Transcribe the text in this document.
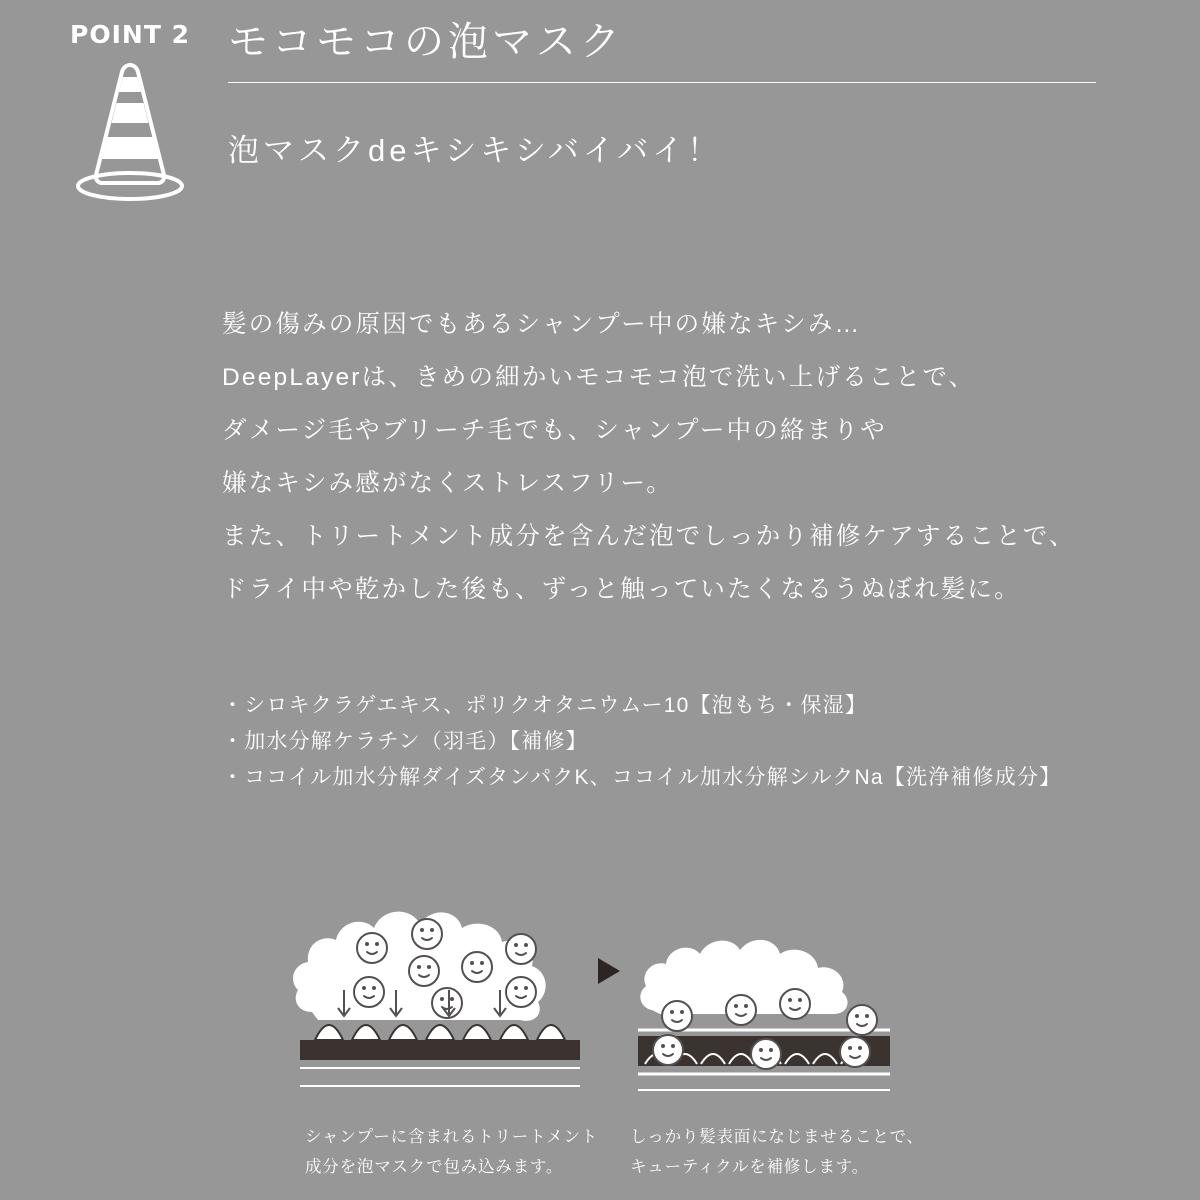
POINT 2 モコモコの泡マスク
泡マスクdeキシキシバイバイ！
髪の傷みの原因でもあるシャンプー中の嫌なキシみ…
DeepLayerは、きめの細かいモコモコ泡で洗い上げることで、
ダメージ毛やブリーチ毛でも、シャンプー中の絡まりや
嫌なキシみ感がなくストレスフリー。
また、トリートメント成分を含んだ泡でしっかり補修ケアすることで、
ドライ中や乾かした後も、ずっと触っていたくなるうぬぼれ髪に。
・シロキクラゲエキス、ポリクオタニウムー10【泡もち・保湿】
・加水分解ケラチン（羽毛）【補修】
・ココイル加水分解ダイズタンパクK、ココイル加水分解シルクNa【洗浄補修成分】
シャンプーに含まれるトリートメント
成分を泡マスクで包み込みます。
しっかり髪表面になじませることで、
キューティクルを補修します。
